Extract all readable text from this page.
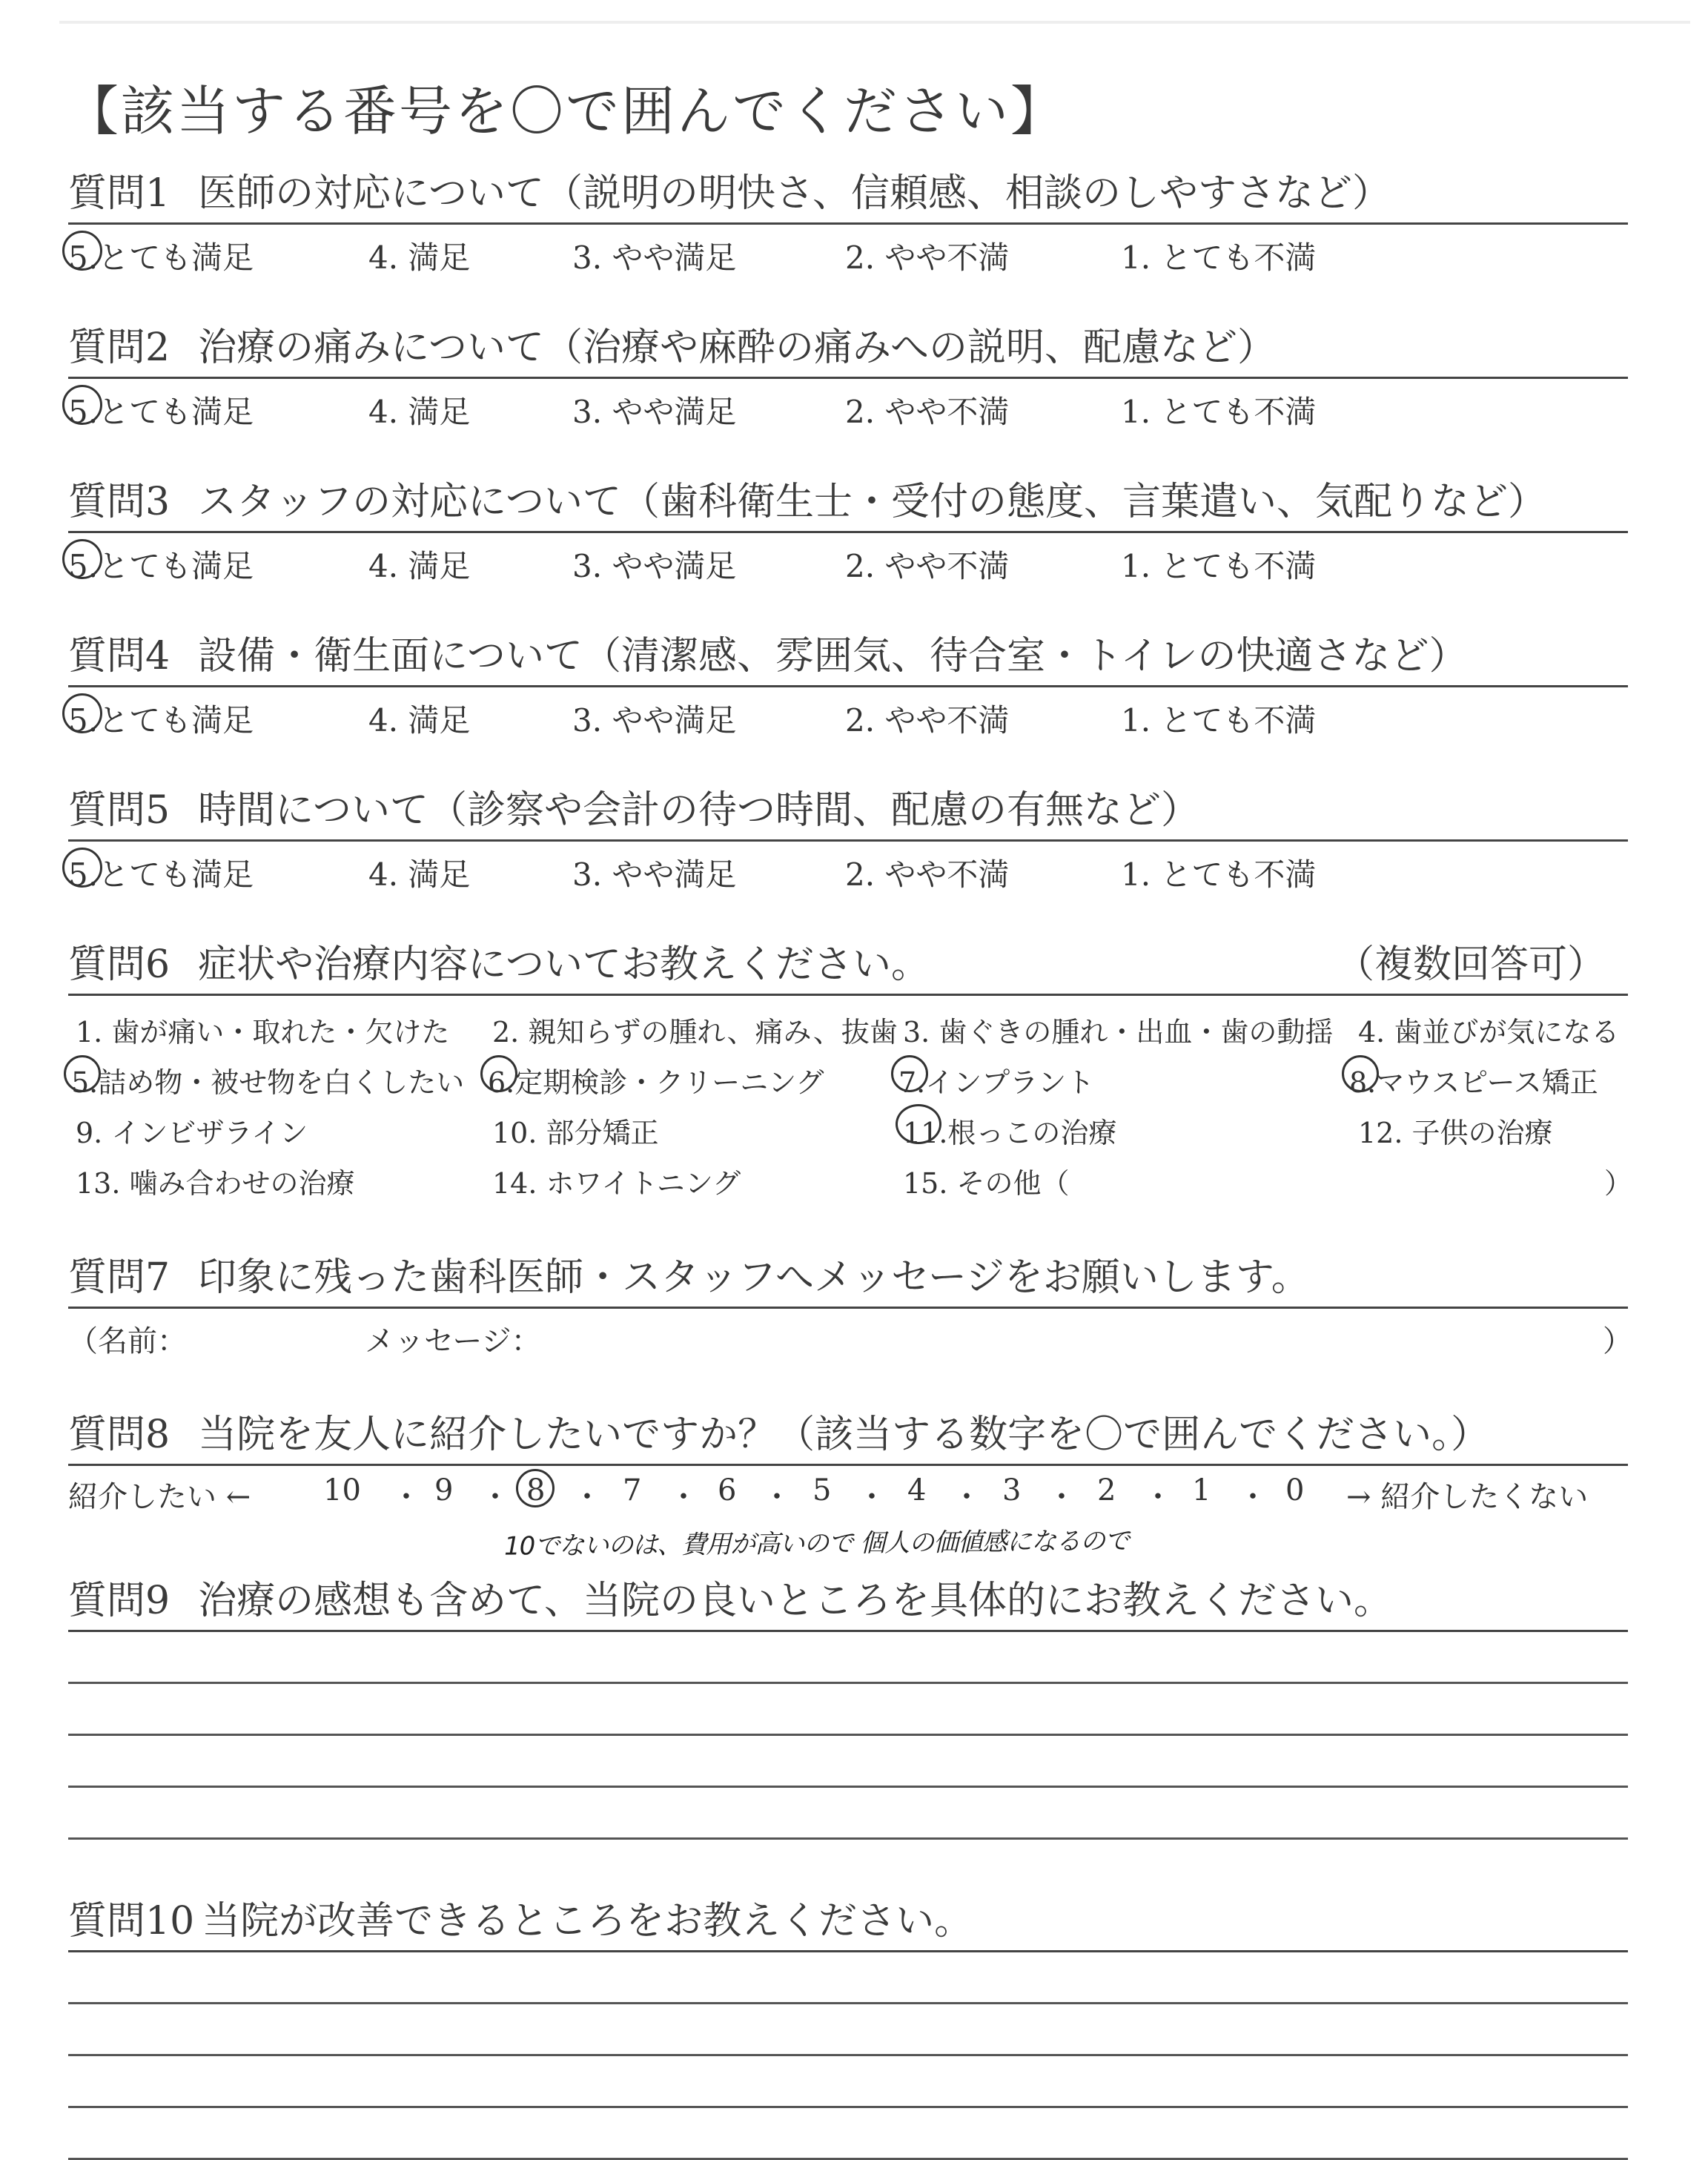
【該当する番号を〇で囲んでください】
質問1 医師の対応について（説明の明快さ、信頼感、相談のしやすさなど）
5.とても満足	4. 満足	3. やや満足	2. やや不満	1. とても不満
質問2 治療の痛みについて（治療や麻酔の痛みへの説明、配慮など）
5.とても満足	4. 満足	3. やや満足	2. やや不満	1. とても不満
質問3 スタッフの対応について（歯科衛生士・受付の態度、言葉遣い、気配りなど）
5.とても満足	4. 満足	3. やや満足	2. やや不満	1. とても不満
質問4 設備・衛生面について（清潔感、雰囲気、待合室・トイレの快適さなど）
5.とても満足	4. 満足	3. やや満足	2. やや不満	1. とても不満
質問5 時間について（診察や会計の待つ時間、配慮の有無など）
5.とても満足	4. 満足	3. やや満足	2. やや不満	1. とても不満
質問6 症状や治療内容についてお教えください。	（複数回答可）
1. 歯が痛い・取れた・欠けた 2. 親知らずの腫れ、痛み、抜歯 3. 歯ぐきの腫れ・出血・歯の動揺 4. 歯並びが気になる
5.詰め物・被せ物を白くしたい 6.定期検診・クリーニング	7.インプラント	8.マウスピース矯正
9. インビザライン	10. 部分矯正	11.根っこの治療	12. 子供の治療
13. 噛み合わせの治療	14. ホワイトニング	15. その他（	）
質問7 印象に残った歯科医師・スタッフへメッセージをお願いします。
（名前：	メッセージ：	）
質問8 当院を友人に紹介したいですか？（該当する数字を〇で囲んでください。）
紹介したい ← 10 ・ 9 ・ 8 ・ 7 ・ 6 ・ 5 ・ 4 ・ 3 ・ 2 ・ 1 ・ 0 → 紹介したくない
10でないのは、費用が高いので 個人の価値感になるので
質問9 治療の感想も含めて、当院の良いところを具体的にお教えください。
質問10 当院が改善できるところをお教えください。
